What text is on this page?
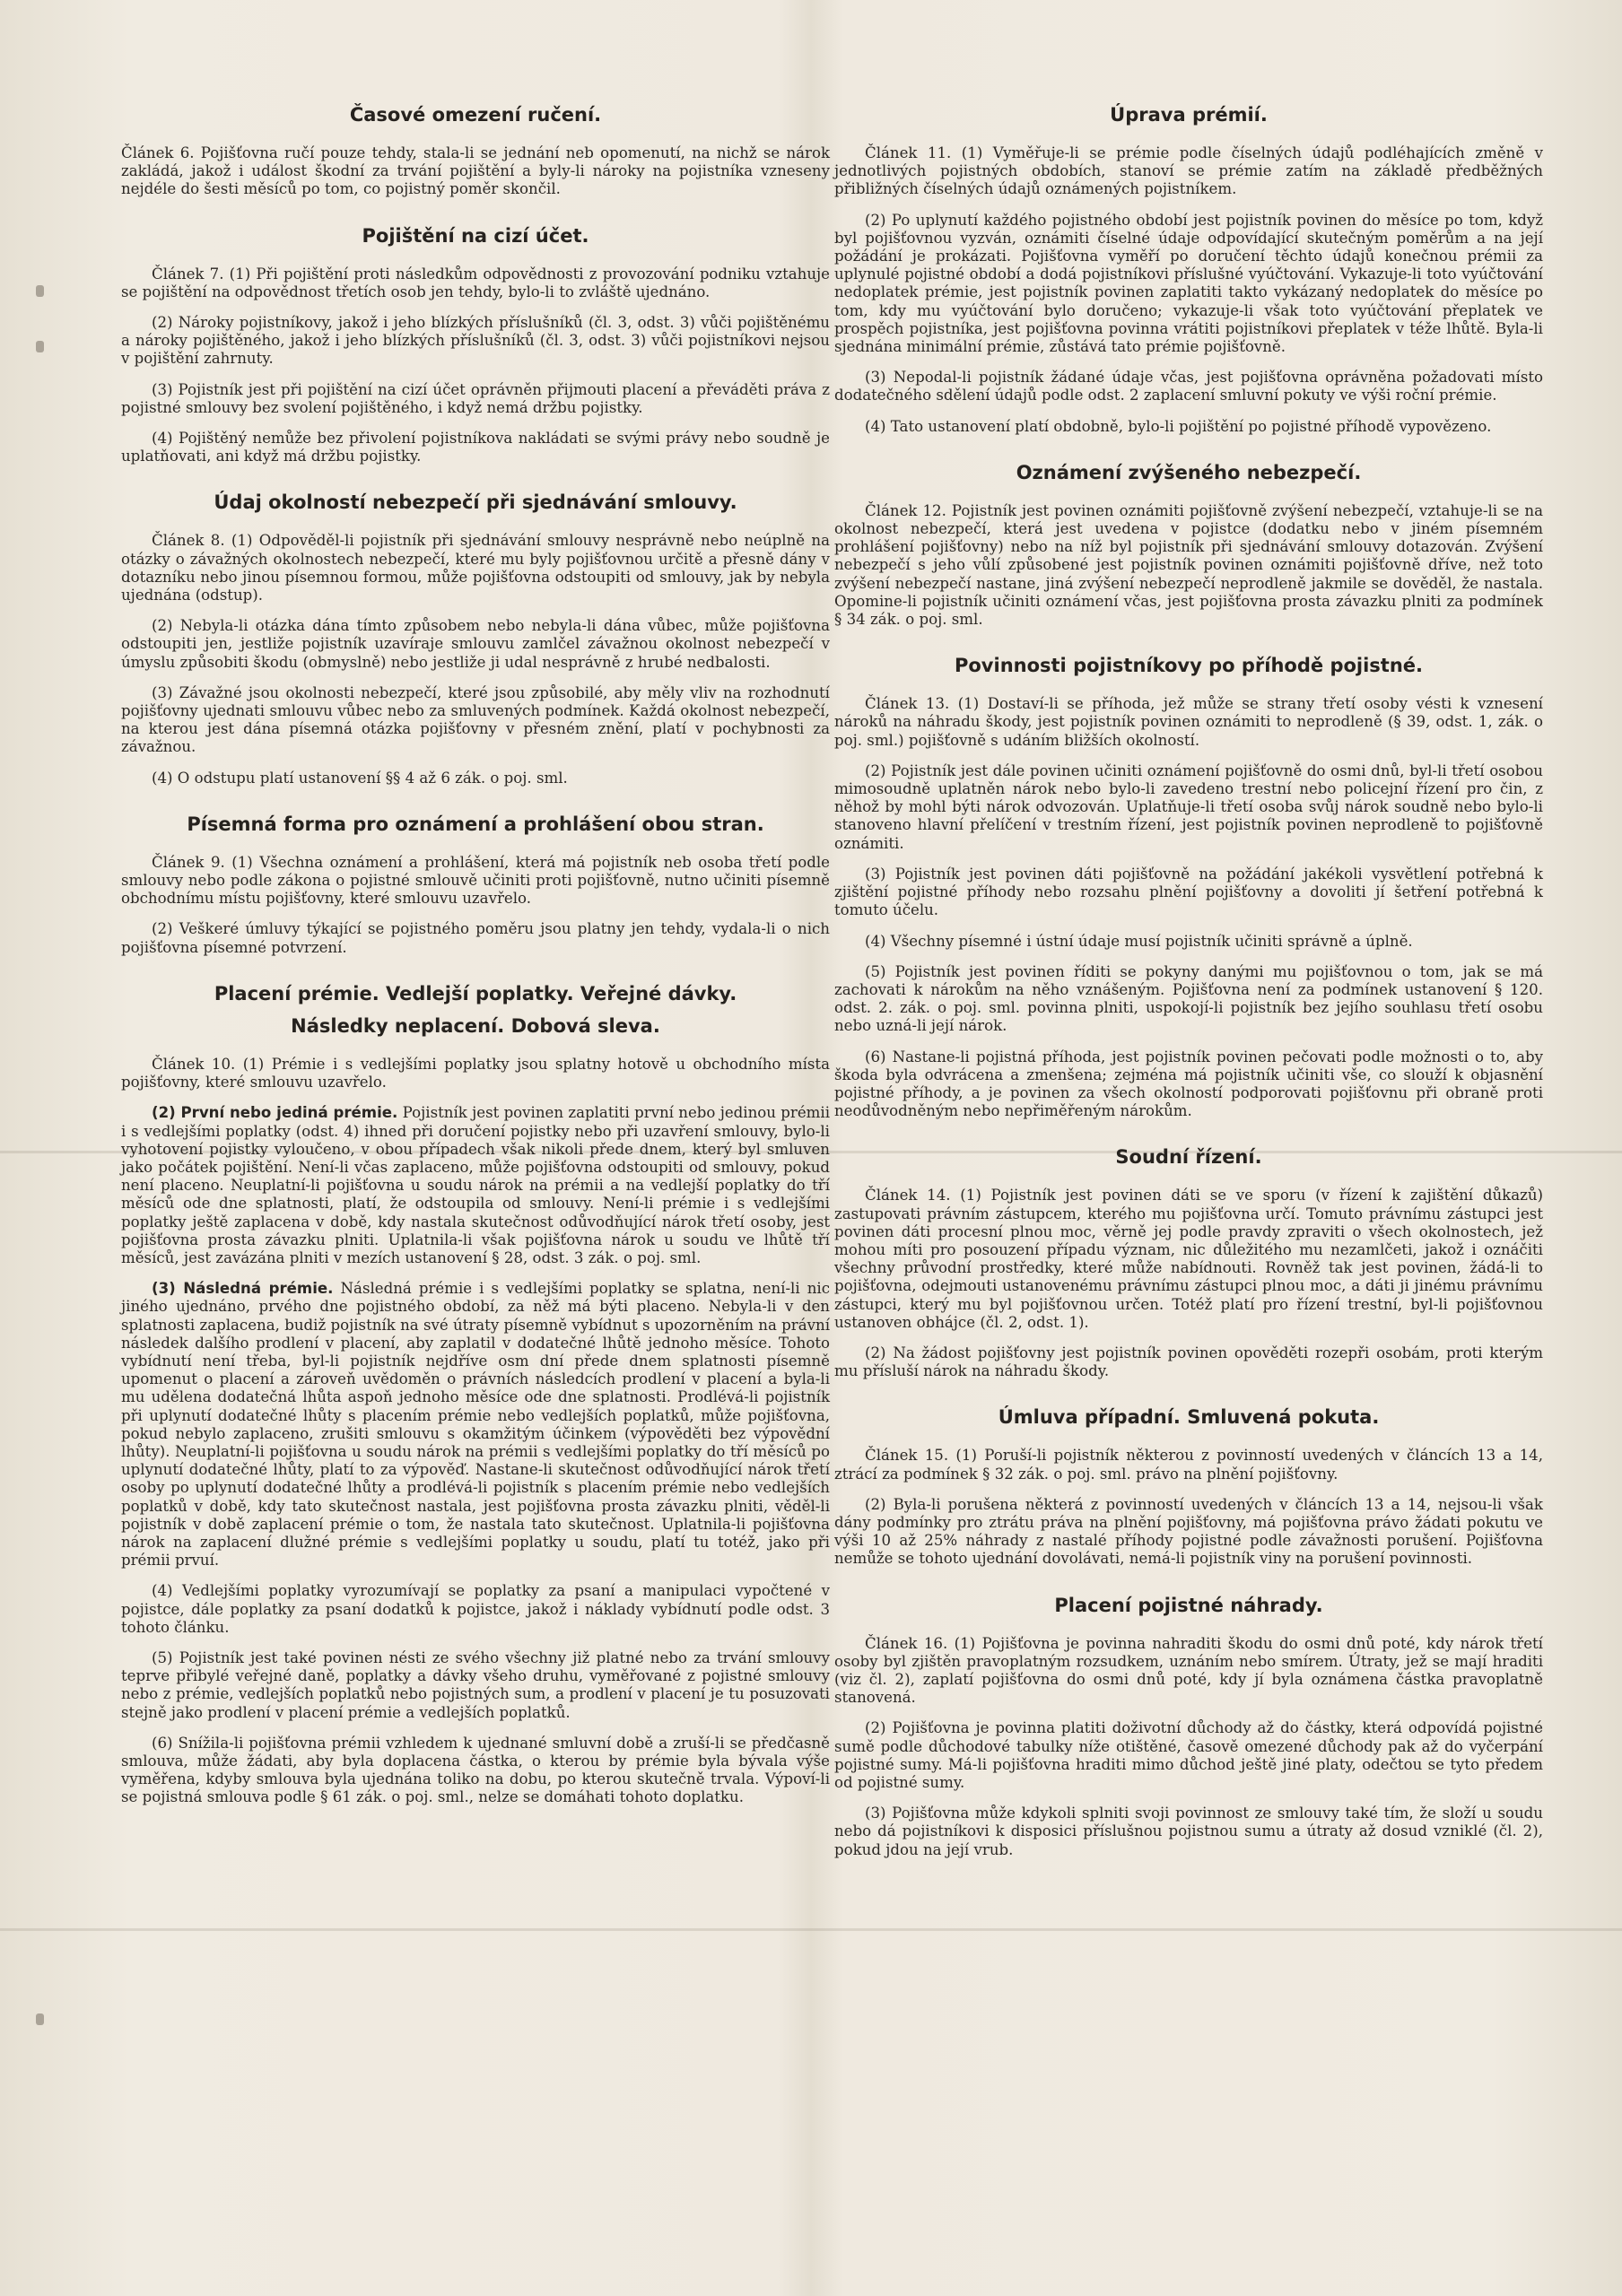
Časové omezení ručení.

Článek 6. Pojišťovna ručí pouze tehdy, stala-li se jednání neb opomenutí, na nichž se nárok zakládá, jakož i událost škodní za trvání pojištění a byly-li nároky na pojistníka vzneseny nejdéle do šesti měsíců po tom, co pojistný poměr skončil.

Pojištění na cizí účet.

Článek 7. (1) Při pojištění proti následkům odpovědnosti z provozování podniku vztahuje se pojištění na odpovědnost třetích osob jen tehdy, bylo-li to zvláště ujednáno.

(2) Nároky pojistníkovy, jakož i jeho blízkých příslušníků (čl. 3, odst. 3) vůči pojištěnému a nároky pojištěného, jakož i jeho blízkých příslušníků (čl. 3, odst. 3) vůči pojistníkovi nejsou v pojištění zahrnuty.

(3) Pojistník jest při pojištění na cizí účet oprávněn přijmouti placení a převáděti práva z pojistné smlouvy bez svolení pojištěného, i když nemá držbu pojistky.

(4) Pojištěný nemůže bez přivolení pojistníkova nakládati se svými právy nebo soudně je uplatňovati, ani když má držbu pojistky.

Údaj okolností nebezpečí při sjednávání smlouvy.

Článek 8. (1) Odpověděl-li pojistník při sjednávání smlouvy nesprávně nebo neúplně na otázky o závažných okolnostech nebezpečí, které mu byly pojišťovnou určitě a přesně dány v dotazníku nebo jinou písemnou formou, může pojišťovna odstoupiti od smlouvy, jak by nebyla ujednána (odstup).

(2) Nebyla-li otázka dána tímto způsobem nebo nebyla-li dána vůbec, může pojišťovna odstoupiti jen, jestliže pojistník uzavíraje smlouvu zamlčel závažnou okolnost nebezpečí v úmyslu způsobiti škodu (obmyslně) nebo jestliže ji udal nesprávně z hrubé nedbalosti.

(3) Závažné jsou okolnosti nebezpečí, které jsou způsobilé, aby měly vliv na rozhodnutí pojišťovny ujednati smlouvu vůbec nebo za smluvených podmínek. Každá okolnost nebezpečí, na kterou jest dána písemná otázka pojišťovny v přesném znění, platí v pochybnosti za závažnou.

(4) O odstupu platí ustanovení §§ 4 až 6 zák. o poj. sml.

Písemná forma pro oznámení a prohlášení obou stran.

Článek 9. (1) Všechna oznámení a prohlášení, která má pojistník neb osoba třetí podle smlouvy nebo podle zákona o pojistné smlouvě učiniti proti pojišťovně, nutno učiniti písemně obchodnímu místu pojišťovny, které smlouvu uzavřelo.

(2) Veškeré úmluvy týkající se pojistného poměru jsou platny jen tehdy, vydala-li o nich pojišťovna písemné potvrzení.

Placení prémie. Vedlejší poplatky. Veřejné dávky.
Následky neplacení. Dobová sleva.

Článek 10. (1) Prémie i s vedlejšími poplatky jsou splatny hotově u obchodního místa pojišťovny, které smlouvu uzavřelo.

(2) První nebo jediná prémie. Pojistník jest povinen zaplatiti první nebo jedinou prémii i s vedlejšími poplatky (odst. 4) ihned při doručení pojistky nebo při uzavření smlouvy, bylo-li vyhotovení pojistky vyloučeno, v obou případech však nikoli přede dnem, který byl smluven jako počátek pojištění. Není-li včas zaplaceno, může pojišťovna odstoupiti od smlouvy, pokud není placeno. Neuplatní-li pojišťovna u soudu nárok na prémii a na vedlejší poplatky do tří měsíců ode dne splatnosti, platí, že odstoupila od smlouvy. Není-li prémie i s vedlejšími poplatky ještě zaplacena v době, kdy nastala skutečnost odůvodňující nárok třetí osoby, jest pojišťovna prosta závazku plniti. Uplatnila-li však pojišťovna nárok u soudu ve lhůtě tří měsíců, jest zavázána plniti v mezích ustanovení § 28, odst. 3 zák. o poj. sml.

(3) Následná prémie. Následná prémie i s vedlejšími poplatky se splatna, není-li nic jiného ujednáno, prvého dne pojistného období, za něž má býti placeno. Nebyla-li v den splatnosti zaplacena, budiž pojistník na své útraty písemně vybídnut s upozorněním na právní následek dalšího prodlení v placení, aby zaplatil v dodatečné lhůtě jednoho měsíce. Tohoto vybídnutí není třeba, byl-li pojistník nejdříve osm dní přede dnem splatnosti písemně upomenut o placení a zároveň uvědoměn o právních následcích prodlení v placení a byla-li mu udělena dodatečná lhůta aspoň jednoho měsíce ode dne splatnosti. Prodlévá-li pojistník při uplynutí dodatečné lhůty s placením prémie nebo vedlejších poplatků, může pojišťovna, pokud nebylo zaplaceno, zrušiti smlouvu s okamžitým účinkem (výpověděti bez výpovědní lhůty). Neuplatní-li pojišťovna u soudu nárok na prémii s vedlejšími poplatky do tří měsíců po uplynutí dodatečné lhůty, platí to za výpověď. Nastane-li skutečnost odůvodňující nárok třetí osoby po uplynutí dodatečné lhůty a prodlévá-li pojistník s placením prémie nebo vedlejších poplatků v době, kdy tato skutečnost nastala, jest pojišťovna prosta závazku plniti, věděl-li pojistník v době zaplacení prémie o tom, že nastala tato skutečnost. Uplatnila-li pojišťovna nárok na zaplacení dlužné prémie s vedlejšími poplatky u soudu, platí tu totéž, jako při prémii prvuí.

(4) Vedlejšími poplatky vyrozumívají se poplatky za psaní a manipulaci vypočtené v pojistce, dále poplatky za psaní dodatků k pojistce, jakož i náklady vybídnutí podle odst. 3 tohoto článku.

(5) Pojistník jest také povinen nésti ze svého všechny již platné nebo za trvání smlouvy teprve přibylé veřejné daně, poplatky a dávky všeho druhu, vyměřované z pojistné smlouvy nebo z prémie, vedlejších poplatků nebo pojistných sum, a prodlení v placení je tu posuzovati stejně jako prodlení v placení prémie a vedlejších poplatků.

(6) Snížila-li pojišťovna prémii vzhledem k ujednané smluvní době a zruší-li se předčasně smlouva, může žádati, aby byla doplacena částka, o kterou by prémie byla bývala výše vyměřena, kdyby smlouva byla ujednána toliko na dobu, po kterou skutečně trvala. Výpoví-li se pojistná smlouva podle § 61 zák. o poj. sml., nelze se domáhati tohoto doplatku.

Úprava prémií.

Článek 11. (1) Vyměřuje-li se prémie podle číselných údajů podléhajících změně v jednotlivých pojistných obdobích, stanoví se prémie zatím na základě předběžných přibližných číselných údajů oznámených pojistníkem.

(2) Po uplynutí každého pojistného období jest pojistník povinen do měsíce po tom, když byl pojišťovnou vyzván, oznámiti číselné údaje odpovídající skutečným poměrům a na její požádání je prokázati. Pojišťovna vyměří po doručení těchto údajů konečnou prémii za uplynulé pojistné období a dodá pojistníkovi příslušné vyúčtování. Vykazuje-li toto vyúčtování nedoplatek prémie, jest pojistník povinen zaplatiti takto vykázaný nedoplatek do měsíce po tom, kdy mu vyúčtování bylo doručeno; vykazuje-li však toto vyúčtování přeplatek ve prospěch pojistníka, jest pojišťovna povinna vrátiti pojistníkovi přeplatek v téže lhůtě. Byla-li sjednána minimální prémie, zůstává tato prémie pojišťovně.

(3) Nepodal-li pojistník žádané údaje včas, jest pojišťovna oprávněna požadovati místo dodatečného sdělení údajů podle odst. 2 zaplacení smluvní pokuty ve výši roční prémie.

(4) Tato ustanovení platí obdobně, bylo-li pojištění po pojistné příhodě vypovězeno.

Oznámení zvýšeného nebezpečí.

Článek 12. Pojistník jest povinen oznámiti pojišťovně zvýšení nebezpečí, vztahuje-li se na okolnost nebezpečí, která jest uvedena v pojistce (dodatku nebo v jiném písemném prohlášení pojišťovny) nebo na níž byl pojistník při sjednávání smlouvy dotazován. Zvýšení nebezpečí s jeho vůlí způsobené jest pojistník povinen oznámiti pojišťovně dříve, než toto zvýšení nebezpečí nastane, jiná zvýšení nebezpečí neprodleně jakmile se dověděl, že nastala. Opomine-li pojistník učiniti oznámení včas, jest pojišťovna prosta závazku plniti za podmínek § 34 zák. o poj. sml.

Povinnosti pojistníkovy po příhodě pojistné.

Článek 13. (1) Dostaví-li se příhoda, jež může se strany třetí osoby vésti k vznesení nároků na náhradu škody, jest pojistník povinen oznámiti to neprodleně (§ 39, odst. 1, zák. o poj. sml.) pojišťovně s udáním bližších okolností.

(2) Pojistník jest dále povinen učiniti oznámení pojišťovně do osmi dnů, byl-li třetí osobou mimosoudně uplatněn nárok nebo bylo-li zavedeno trestní nebo policejní řízení pro čin, z něhož by mohl býti nárok odvozován. Uplatňuje-li třetí osoba svůj nárok soudně nebo bylo-li stanoveno hlavní přelíčení v trestním řízení, jest pojistník povinen neprodleně to pojišťovně oznámiti.

(3) Pojistník jest povinen dáti pojišťovně na požádání jakékoli vysvětlení potřebná k zjištění pojistné příhody nebo rozsahu plnění pojišťovny a dovoliti jí šetření potřebná k tomuto účelu.

(4) Všechny písemné i ústní údaje musí pojistník učiniti správně a úplně.

(5) Pojistník jest povinen říditi se pokyny danými mu pojišťovnou o tom, jak se má zachovati k nárokům na něho vznášeným. Pojišťovna není za podmínek ustanovení § 120. odst. 2. zák. o poj. sml. povinna plniti, uspokojí-li pojistník bez jejího souhlasu třetí osobu nebo uzná-li její nárok.

(6) Nastane-li pojistná příhoda, jest pojistník povinen pečovati podle možnosti o to, aby škoda byla odvrácena a zmenšena; zejména má pojistník učiniti vše, co slouží k objasnění pojistné příhody, a je povinen za všech okolností podporovati pojišťovnu při obraně proti neodůvodněným nebo nepřiměřeným nárokům.

Soudní řízení.

Článek 14. (1) Pojistník jest povinen dáti se ve sporu (v řízení k zajištění důkazů) zastupovati právním zástupcem, kterého mu pojišťovna určí. Tomuto právnímu zástupci jest povinen dáti procesní plnou moc, věrně jej podle pravdy zpraviti o všech okolnostech, jež mohou míti pro posouzení případu význam, nic důležitého mu nezamlčeti, jakož i oznáčiti všechny průvodní prostředky, které může nabídnouti. Rovněž tak jest povinen, žádá-li to pojišťovna, odejmouti ustanovenému právnímu zástupci plnou moc, a dáti ji jinému právnímu zástupci, který mu byl pojišťovnou určen. Totéž platí pro řízení trestní, byl-li pojišťovnou ustanoven obhájce (čl. 2, odst. 1).

(2) Na žádost pojišťovny jest pojistník povinen opověděti rozepři osobám, proti kterým mu přísluší nárok na náhradu škody.

Úmluva případní. Smluvená pokuta.

Článek 15. (1) Poruší-li pojistník některou z povinností uvedených v článcích 13 a 14, ztrácí za podmínek § 32 zák. o poj. sml. právo na plnění pojišťovny.

(2) Byla-li porušena některá z povinností uvedených v článcích 13 a 14, nejsou-li však dány podmínky pro ztrátu práva na plnění pojišťovny, má pojišťovna právo žádati pokutu ve výši 10 až 25% náhrady z nastalé příhody pojistné podle závažnosti porušení. Pojišťovna nemůže se tohoto ujednání dovolávati, nemá-li pojistník viny na porušení povinnosti.

Placení pojistné náhrady.

Článek 16. (1) Pojišťovna je povinna nahraditi škodu do osmi dnů poté, kdy nárok třetí osoby byl zjištěn pravoplatným rozsudkem, uznáním nebo smírem. Útraty, jež se mají hraditi (viz čl. 2), zaplatí pojišťovna do osmi dnů poté, kdy jí byla oznámena částka pravoplatně stanovená.

(2) Pojišťovna je povinna platiti doživotní důchody až do částky, která odpovídá pojistné sumě podle důchodové tabulky níže otištěné, časově omezené důchody pak až do vyčerpání pojistné sumy. Má-li pojišťovna hraditi mimo důchod ještě jiné platy, odečtou se tyto předem od pojistné sumy.

(3) Pojišťovna může kdykoli splniti svoji povinnost ze smlouvy také tím, že složí u soudu nebo dá pojistníkovi k disposici příslušnou pojistnou sumu a útraty až dosud vzniklé (čl. 2), pokud jdou na její vrub.
